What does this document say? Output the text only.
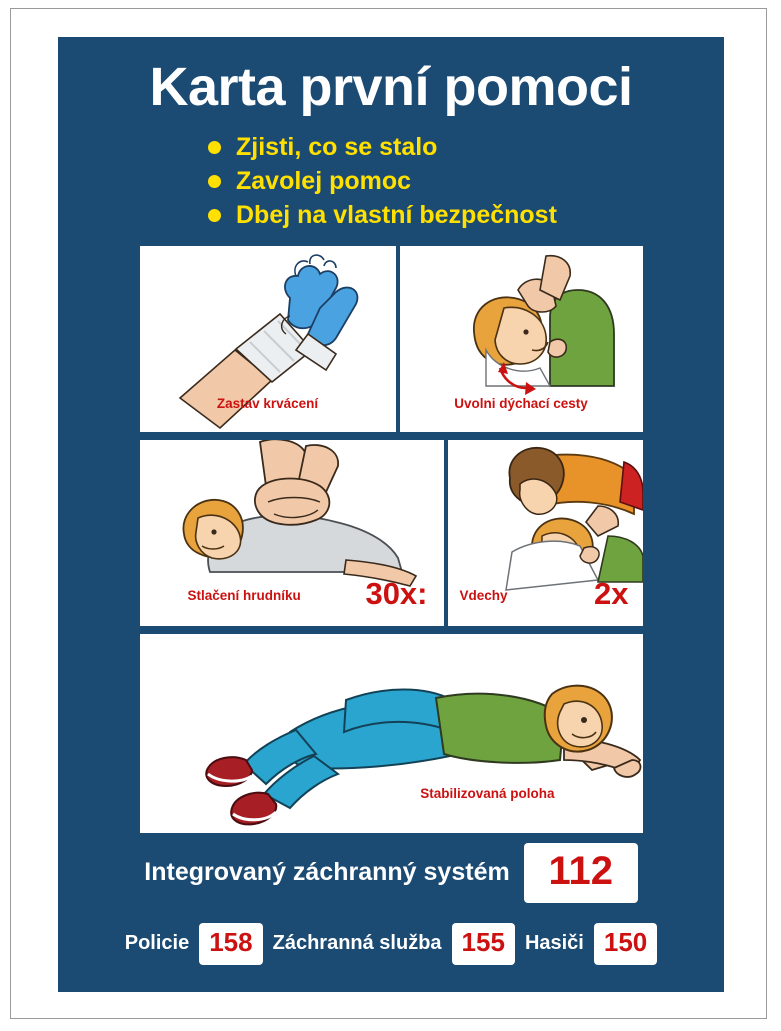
Karta první pomoci
Zjisti, co se stalo
Zavolej pomoc
Dbej na vlastní bezpečnost
Zastav krvácení	Uvolni dýchací cesty
Stlačení hrudníku 30x: Vdechy	2x
Stabilizovaná poloha
Integrovaný záchranný systém 112
Policie 158	Záchranná služba 155	Hasiči 150
